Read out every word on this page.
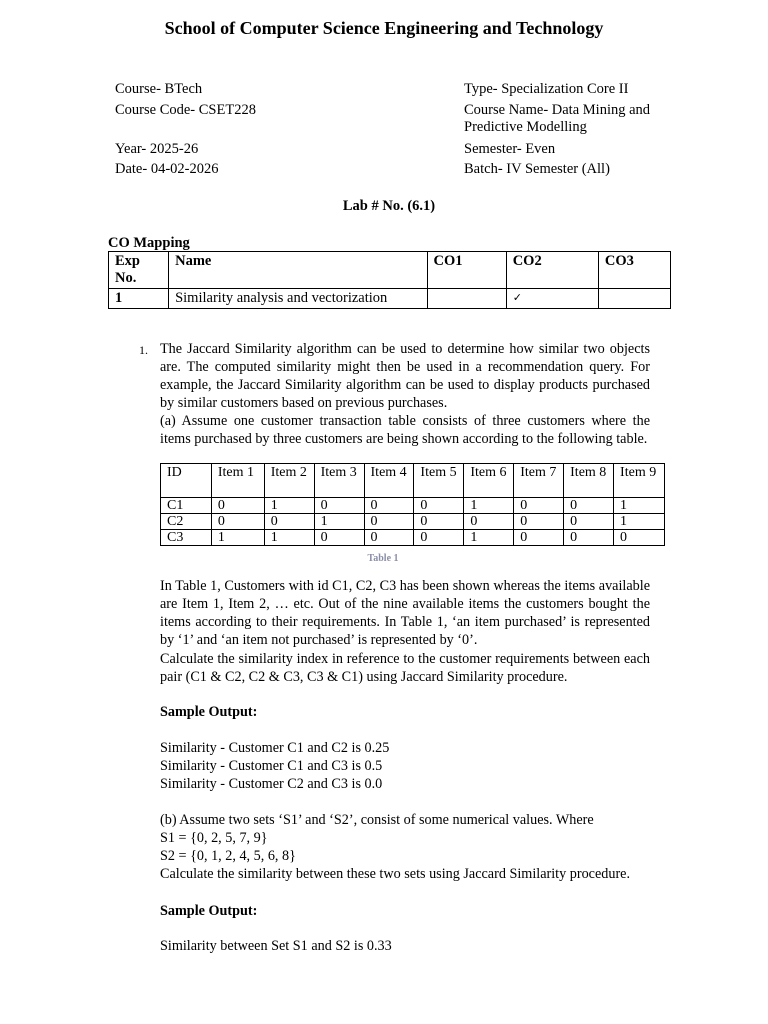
School of Computer Science Engineering and Technology
Course- BTech
Course Code- CSET228
Year- 2025-26
Date- 04-02-2026
Type- Specialization Core II
Course Name- Data Mining and
Predictive Modelling
Semester- Even
Batch- IV Semester (All)
Lab # No. (6.1)
CO Mapping
Exp No.	Name	CO1	CO2	CO3
1	Similarity analysis and vectorization		✓	
1. The Jaccard Similarity algorithm can be used to determine how similar two objects are. The computed similarity might then be used in a recommendation query. For example, the Jaccard Similarity algorithm can be used to display products purchased by similar customers based on previous purchases.
(a) Assume one customer transaction table consists of three customers where the items purchased by three customers are being shown according to the following table.
ID	Item 1	Item 2	Item 3	Item 4	Item 5	Item 6	Item 7	Item 8	Item 9
C1	0	1	0	0	0	1	0	0	1
C2	0	0	1	0	0	0	0	0	1
C3	1	1	0	0	0	1	0	0	0
Table 1
In Table 1, Customers with id C1, C2, C3 has been shown whereas the items available are Item 1, Item 2, … etc. Out of the nine available items the customers bought the items according to their requirements. In Table 1, ‘an item purchased’ is represented by ‘1’ and ‘an item not purchased’ is represented by ‘0’.
Calculate the similarity index in reference to the customer requirements between each pair (C1 & C2, C2 & C3, C3 & C1) using Jaccard Similarity procedure.
Sample Output:
Similarity - Customer C1 and C2 is 0.25
Similarity - Customer C1 and C3 is 0.5
Similarity - Customer C2 and C3 is 0.0
(b) Assume two sets ‘S1’ and ‘S2’, consist of some numerical values. Where
S1 = {0, 2, 5, 7, 9}
S2 = {0, 1, 2, 4, 5, 6, 8}
Calculate the similarity between these two sets using Jaccard Similarity procedure.
Sample Output:
Similarity between Set S1 and S2 is 0.33
